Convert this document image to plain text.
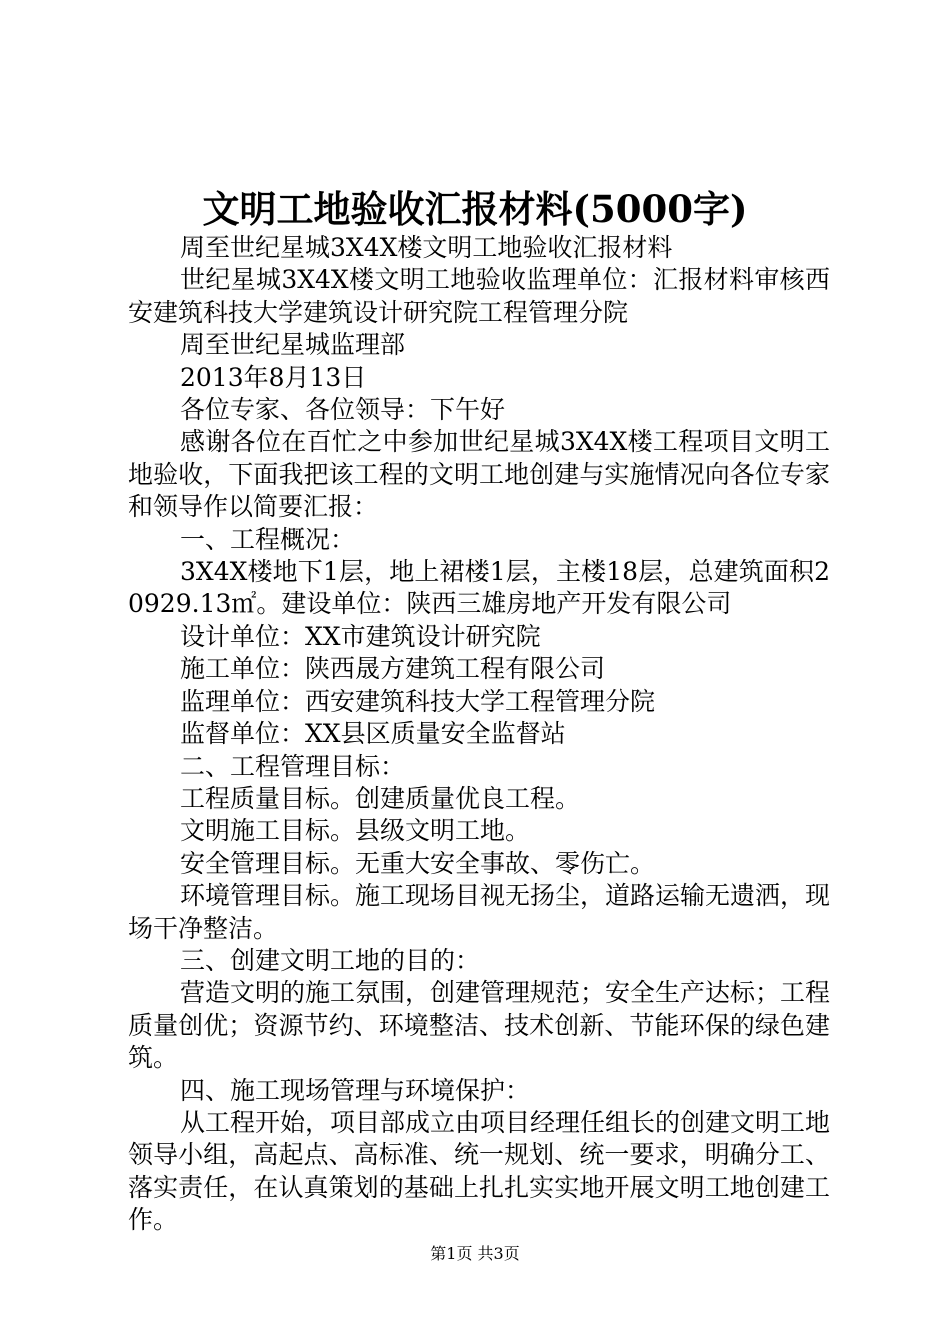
文明工地验收汇报材料(5000字)

周至世纪星城3X4X楼文明工地验收汇报材料

世纪星城3X4X楼文明工地验收监理单位：汇报材料审核西安建筑科技大学建筑设计研究院工程管理分院

周至世纪星城监理部

2013年8月13日

各位专家、各位领导：下午好

感谢各位在百忙之中参加世纪星城3X4X楼工程项目文明工地验收，下面我把该工程的文明工地创建与实施情况向各位专家和领导作以简要汇报：

一、工程概况：

3X4X楼地下1层，地上裙楼1层，主楼18层，总建筑面积20929.13㎡。建设单位：陕西三雄房地产开发有限公司

设计单位：XX市建筑设计研究院

施工单位：陕西晟方建筑工程有限公司

监理单位：西安建筑科技大学工程管理分院

监督单位：XX县区质量安全监督站

二、工程管理目标：

工程质量目标。创建质量优良工程。

文明施工目标。县级文明工地。

安全管理目标。无重大安全事故、零伤亡。

环境管理目标。施工现场目视无扬尘，道路运输无遗洒，现场干净整洁。

三、创建文明工地的目的：

营造文明的施工氛围，创建管理规范；安全生产达标；工程质量创优；资源节约、环境整洁、技术创新、节能环保的绿色建筑。

四、施工现场管理与环境保护：

从工程开始，项目部成立由项目经理任组长的创建文明工地领导小组，高起点、高标准、统一规划、统一要求，明确分工、落实责任，在认真策划的基础上扎扎实实地开展文明工地创建工作。

第1页 共3页
